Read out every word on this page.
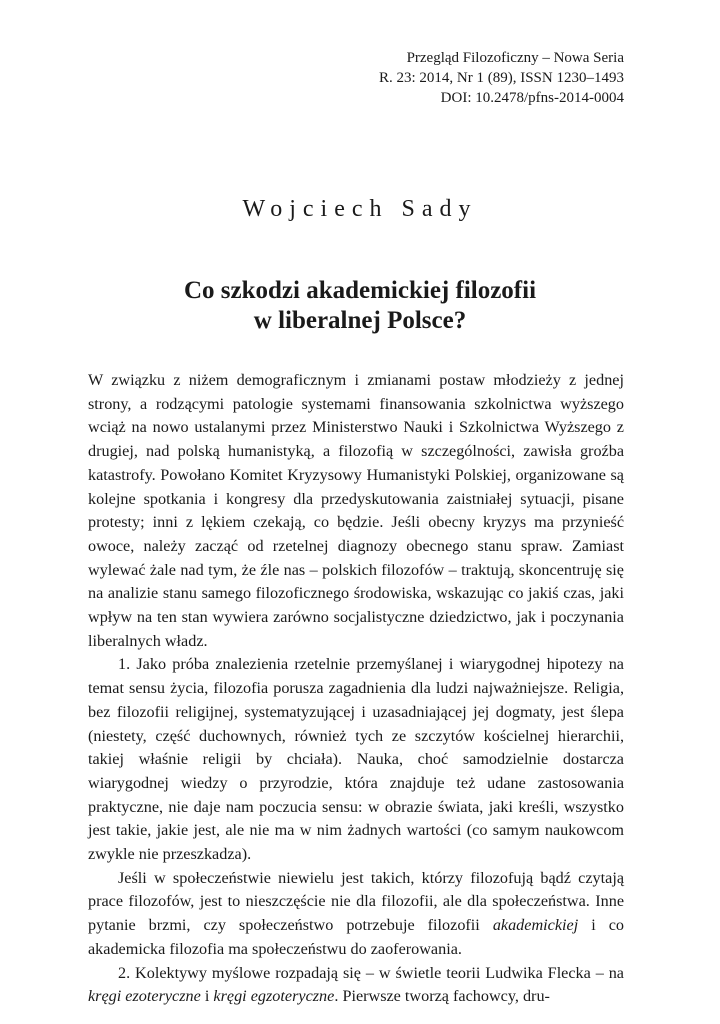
Przegląd Filozoficzny – Nowa Seria
R. 23: 2014, Nr 1 (89), ISSN 1230–1493
DOI: 10.2478/pfns-2014-0004
Wojciech Sady
Co szkodzi akademickiej filozofii
w liberalnej Polsce?

W związku z niżem demograficznym i zmianami postaw młodzieży z jednej strony, a rodzącymi patologie systemami finansowania szkolnictwa wyższego wciąż na nowo ustalanymi przez Ministerstwo Nauki i Szkolnictwa Wyższego z drugiej, nad polską humanistyką, a filozofią w szczególności, zawisła groźba katastrofy. Powołano Komitet Kryzysowy Humanistyki Polskiej, organizowane są kolejne spotkania i kongresy dla przedyskutowania zaistniałej sytuacji, pisane protesty; inni z lękiem czekają, co będzie. Jeśli obecny kryzys ma przynieść owoce, należy zacząć od rzetelnej diagnozy obecnego stanu spraw. Zamiast wylewać żale nad tym, że źle nas – polskich filozofów – traktują, skoncentruję się na analizie stanu samego filozoficznego środowiska, wskazując co jakiś czas, jaki wpływ na ten stan wywiera zarówno socjalistyczne dziedzictwo, jak i poczynania liberalnych władz.

1. Jako próba znalezienia rzetelnie przemyślanej i wiarygodnej hipotezy na temat sensu życia, filozofia porusza zagadnienia dla ludzi najważniejsze. Religia, bez filozofii religijnej, systematyzującej i uzasadniającej jej dogmaty, jest ślepa (niestety, część duchownych, również tych ze szczytów kościelnej hierarchii, takiej właśnie religii by chciała). Nauka, choć samodzielnie dostarcza wiarygodnej wiedzy o przyrodzie, która znajduje też udane zastosowania praktyczne, nie daje nam poczucia sensu: w obrazie świata, jaki kreśli, wszystko jest takie, jakie jest, ale nie ma w nim żadnych wartości (co samym naukowcom zwykle nie przeszkadza).

Jeśli w społeczeństwie niewielu jest takich, którzy filozofują bądź czytają prace filozofów, jest to nieszczęście nie dla filozofii, ale dla społeczeństwa. Inne pytanie brzmi, czy społeczeństwo potrzebuje filozofii akademickiej i co akademicka filozofia ma społeczeństwu do zaoferowania.

2. Kolektywy myślowe rozpadają się – w świetle teorii Ludwika Flecka – na kręgi ezoteryczne i kręgi egzoteryczne. Pierwsze tworzą fachowcy, dru-
